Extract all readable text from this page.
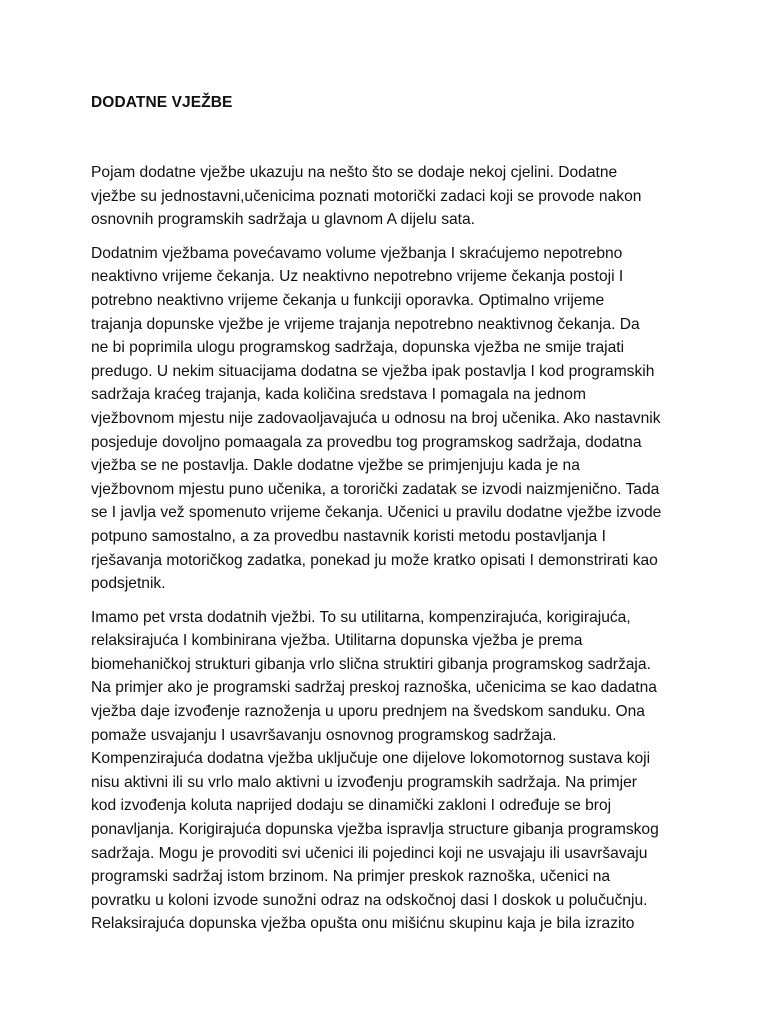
DODATNE VJEŽBE

Pojam dodatne vježbe ukazuju na nešto što se dodaje nekoj cjelini. Dodatne
vježbe su jednostavni,učenicima poznati motorički zadaci koji se provode nakon
osnovnih programskih sadržaja u glavnom A dijelu sata.

Dodatnim vježbama povećavamo volume vježbanja I skraćujemo nepotrebno
neaktivno vrijeme čekanja. Uz neaktivno nepotrebno vrijeme čekanja postoji I
potrebno neaktivno vrijeme čekanja u funkciji oporavka. Optimalno vrijeme
trajanja dopunske vježbe je vrijeme trajanja nepotrebno neaktivnog čekanja. Da
ne bi poprimila ulogu programskog sadržaja, dopunska vježba ne smije trajati
predugo. U nekim situacijama dodatna se vježba ipak postavlja I kod programskih
sadržaja kraćeg trajanja, kada količina sredstava I pomagala na jednom
vježbovnom mjestu nije zadovaoljavajuća u odnosu na broj učenika. Ako nastavnik
posjeduje dovoljno pomaagala za provedbu tog programskog sadržaja, dodatna
vježba se ne postavlja. Dakle dodatne vježbe se primjenjuju kada je na
vježbovnom mjestu puno učenika, a tororički zadatak se izvodi naizmjenično. Tada
se I javlja vež spomenuto vrijeme čekanja. Učenici u pravilu dodatne vježbe izvode
potpuno samostalno, a za provedbu nastavnik koristi metodu postavljanja I
rješavanja motoričkog zadatka, ponekad ju može kratko opisati I demonstrirati kao
podsjetnik.

Imamo pet vrsta dodatnih vježbi. To su utilitarna, kompenzirajuća, korigirajuća,
relaksirajuća I kombinirana vježba. Utilitarna dopunska vježba je prema
biomehaničkoj strukturi gibanja vrlo slična struktiri gibanja programskog sadržaja.
Na primjer ako je programski sadržaj preskoj raznoška, učenicima se kao dadatna
vježba daje izvođenje raznoženja u uporu prednjem na švedskom sanduku. Ona
pomaže usvajanju I usavršavanju osnovnog programskog sadržaja.
Kompenzirajuća dodatna vježba uključuje one dijelove lokomotornog sustava koji
nisu aktivni ili su vrlo malo aktivni u izvođenju programskih sadržaja. Na primjer
kod izvođenja koluta naprijed dodaju se dinamički zakloni I određuje se broj
ponavljanja. Korigirajuća dopunska vježba ispravlja structure gibanja programskog
sadržaja. Mogu je provoditi svi učenici ili pojedinci koji ne usvajaju ili usavršavaju
programski sadržaj istom brzinom. Na primjer preskok raznoška, učenici na
povratku u koloni izvode sunožni odraz na odskočnoj dasi I doskok u polučučnju.
Relaksirajuća dopunska vježba opušta onu mišićnu skupinu kaja je bila izrazito
